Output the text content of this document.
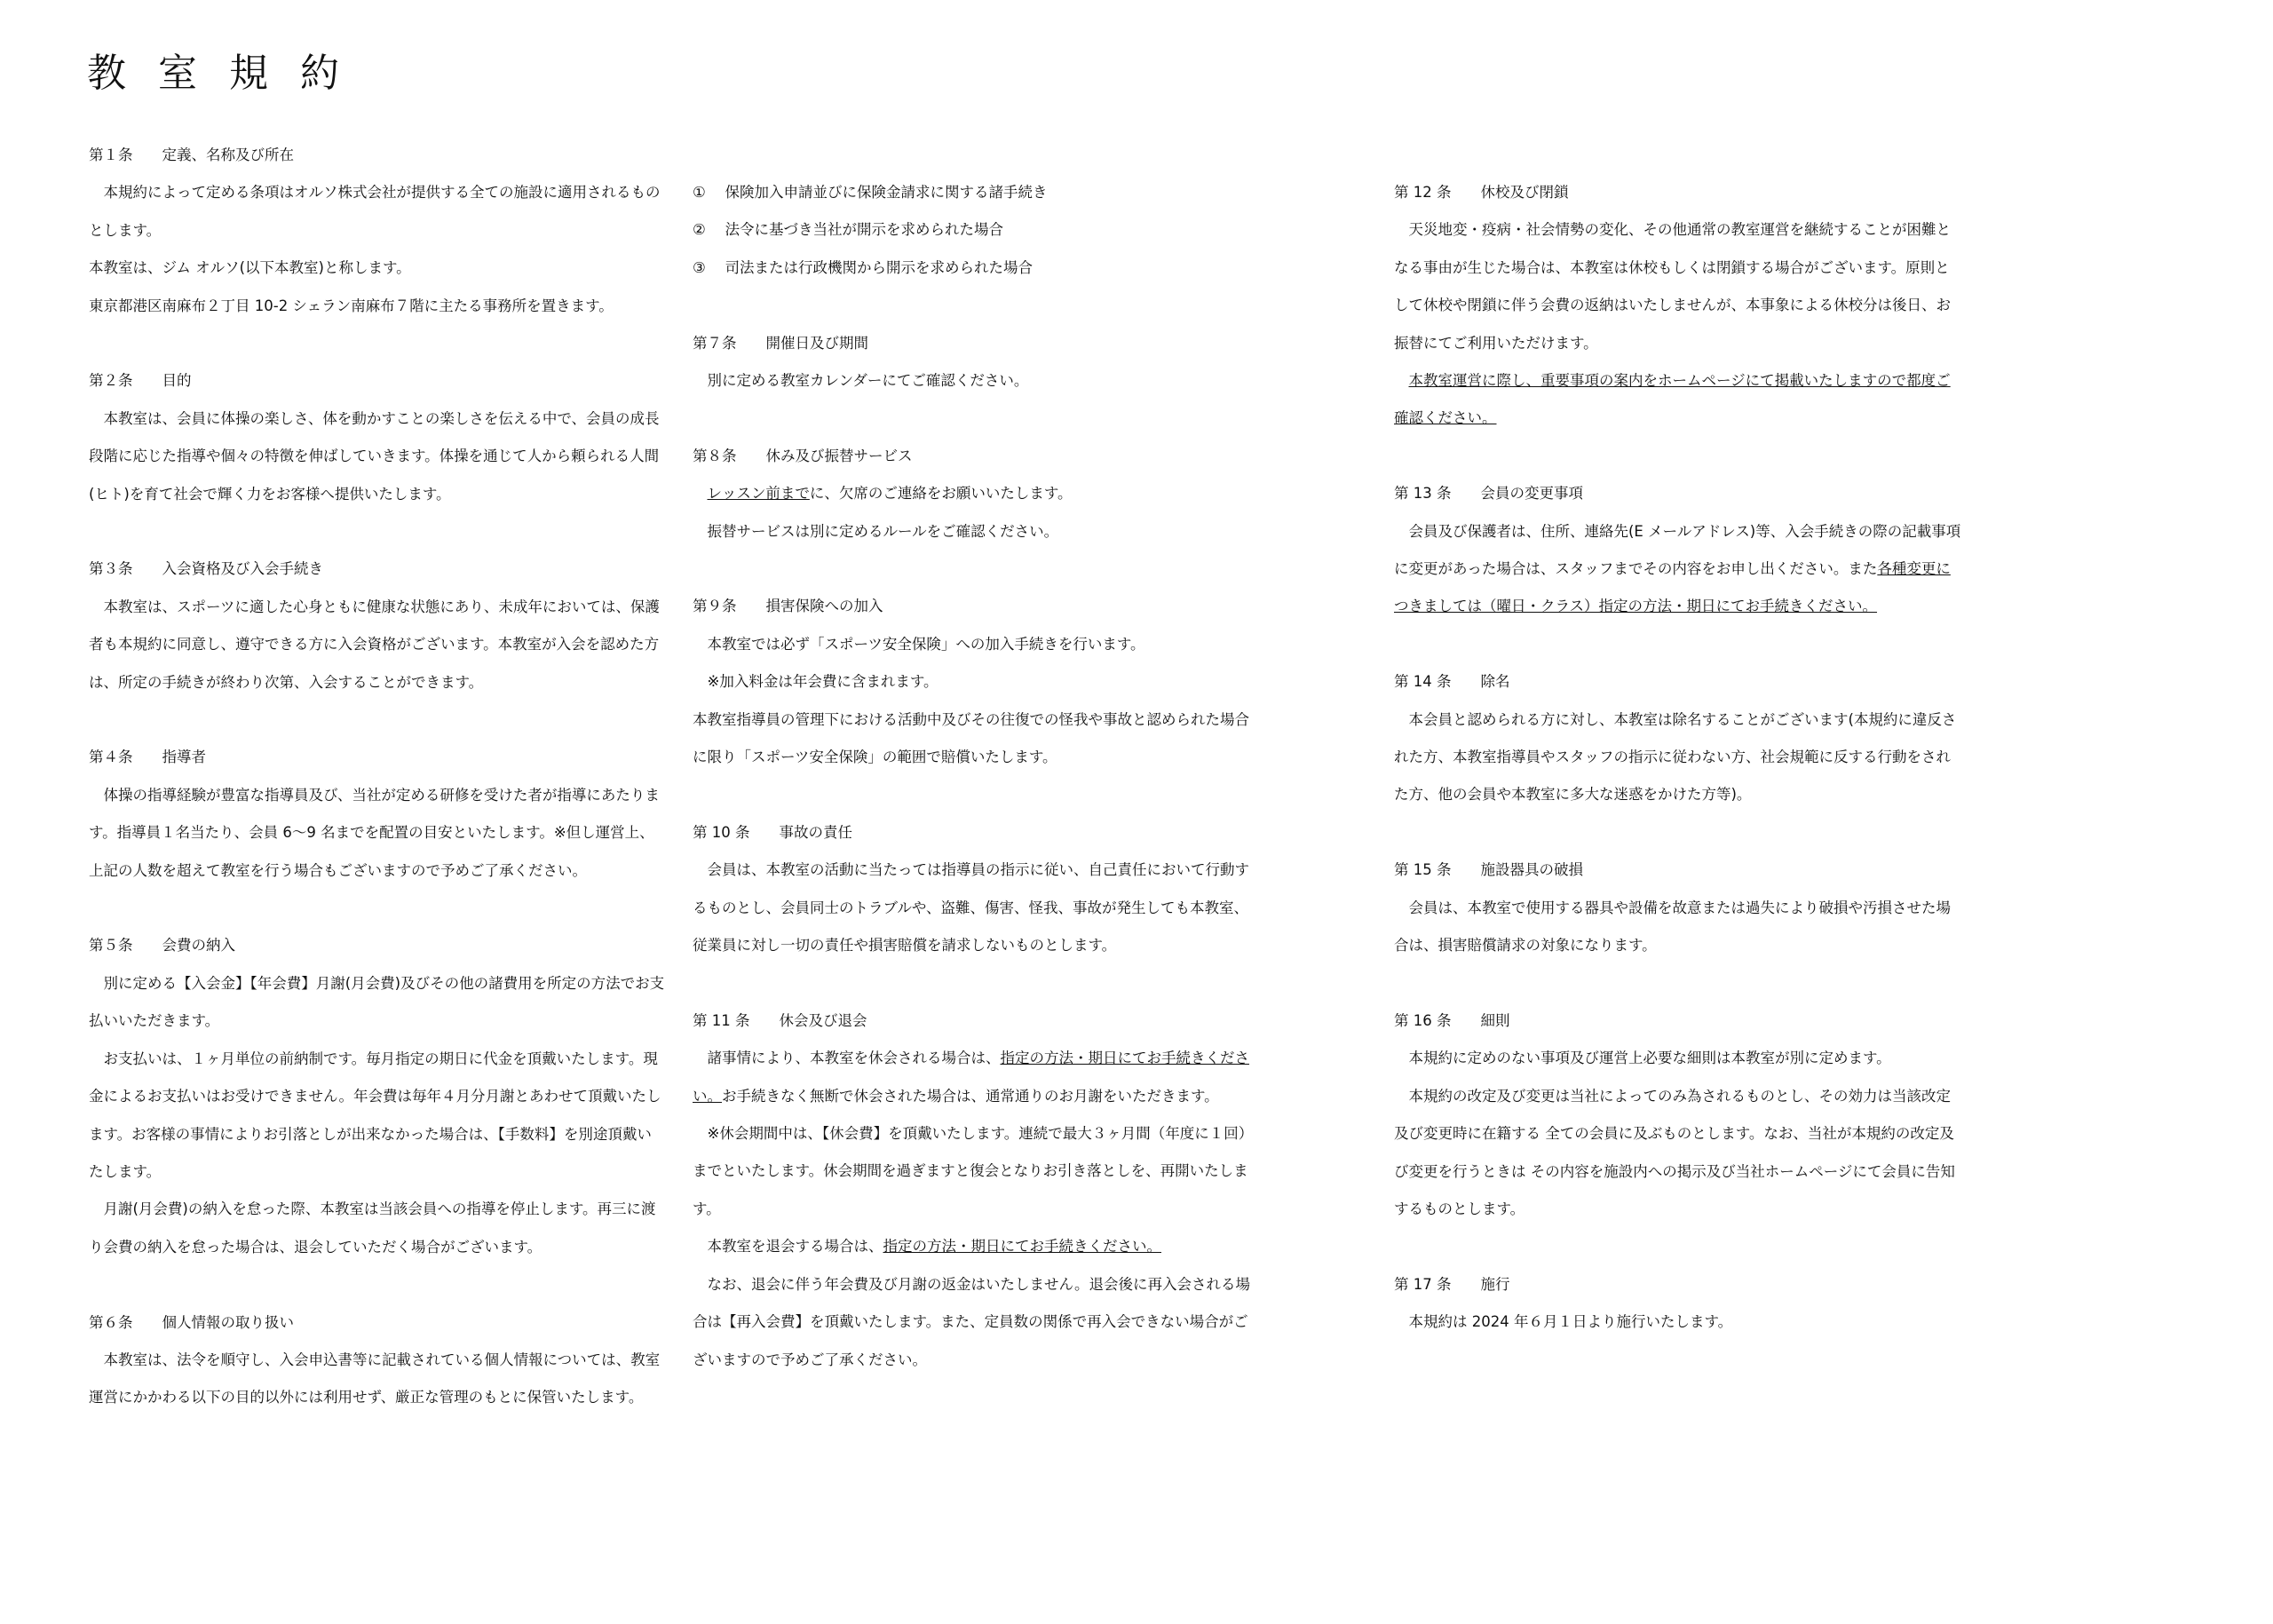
教室規約
第１条　　定義、名称及び所在

本規約によって定める条項はオルソ株式会社が提供する全ての施設に適用されるものとします。

本教室は、ジム オルソ(以下本教室)と称します。

東京都港区南麻布２丁目 10-2 シェラン南麻布７階に主たる事務所を置きます。

第２条　　目的

本教室は、会員に体操の楽しさ、体を動かすことの楽しさを伝える中で、会員の成長段階に応じた指導や個々の特徴を伸ばしていきます。体操を通じて人から頼られる人間(ヒト)を育て社会で輝く力をお客様へ提供いたします。

第３条　　入会資格及び入会手続き

本教室は、スポーツに適した心身ともに健康な状態にあり、未成年においては、保護者も本規約に同意し、遵守できる方に入会資格がございます。本教室が入会を認めた方は、所定の手続きが終わり次第、入会することができます。

第４条　　指導者

体操の指導経験が豊富な指導員及び、当社が定める研修を受けた者が指導にあたります。指導員１名当たり、会員 6～9 名までを配置の目安といたします。※但し運営上、上記の人数を超えて教室を行う場合もございますので予めご了承ください。

第５条　　会費の納入

別に定める【入会金】【年会費】月謝(月会費)及びその他の諸費用を所定の方法でお支払いいただきます。

お支払いは、１ヶ月単位の前納制です。毎月指定の期日に代金を頂戴いたします。現金によるお支払いはお受けできません。年会費は毎年４月分月謝とあわせて頂戴いたします。お客様の事情によりお引落としが出来なかった場合は、【手数料】を別途頂戴いたします。

月謝(月会費)の納入を怠った際、本教室は当該会員への指導を停止します。再三に渡り会費の納入を怠った場合は、退会していただく場合がございます。

第６条　　個人情報の取り扱い

本教室は、法令を順守し、入会申込書等に記載されている個人情報については、教室運営にかかわる以下の目的以外には利用せず、厳正な管理のもとに保管いたします。

①　 保険加入申請並びに保険金請求に関する諸手続き

②　 法令に基づき当社が開示を求められた場合

③　 司法または行政機関から開示を求められた場合

第７条　　開催日及び期間

別に定める教室カレンダーにてご確認ください。

第８条　　休み及び振替サービス

レッスン前までに、欠席のご連絡をお願いいたします。

振替サービスは別に定めるルールをご確認ください。

第９条　　損害保険への加入

本教室では必ず「スポーツ安全保険」への加入手続きを行います。

※加入料金は年会費に含まれます。

本教室指導員の管理下における活動中及びその往復での怪我や事故と認められた場合に限り「スポーツ安全保険」の範囲で賠償いたします。

第 10 条　　事故の責任

会員は、本教室の活動に当たっては指導員の指示に従い、自己責任において行動するものとし、会員同士のトラブルや、盗難、傷害、怪我、事故が発生しても本教室、従業員に対し一切の責任や損害賠償を請求しないものとします。

第 11 条　　休会及び退会

諸事情により、本教室を休会される場合は、指定の方法・期日にてお手続きください。お手続きなく無断で休会された場合は、通常通りのお月謝をいただきます。

※休会期間中は、【休会費】を頂戴いたします。連続で最大３ヶ月間（年度に１回）までといたします。休会期間を過ぎますと復会となりお引き落としを、再開いたします。

本教室を退会する場合は、指定の方法・期日にてお手続きください。

なお、退会に伴う年会費及び月謝の返金はいたしません。退会後に再入会される場合は【再入会費】を頂戴いたします。また、定員数の関係で再入会できない場合がございますので予めご了承ください。

第 12 条　　休校及び閉鎖

天災地変・疫病・社会情勢の変化、その他通常の教室運営を継続することが困難となる事由が生じた場合は、本教室は休校もしくは閉鎖する場合がございます。原則として休校や閉鎖に伴う会費の返納はいたしませんが、本事象による休校分は後日、お振替にてご利用いただけます。

本教室運営に際し、重要事項の案内をホームページにて掲載いたしますので都度ご確認ください。

第 13 条　　会員の変更事項

会員及び保護者は、住所、連絡先(E メールアドレス)等、入会手続きの際の記載事項に変更があった場合は、スタッフまでその内容をお申し出ください。また各種変更につきましては（曜日・クラス）指定の方法・期日にてお手続きください。

第 14 条　　除名

本会員と認められる方に対し、本教室は除名することがございます(本規約に違反された方、本教室指導員やスタッフの指示に従わない方、社会規範に反する行動をされた方、他の会員や本教室に多大な迷惑をかけた方等)。

第 15 条　　施設器具の破損

会員は、本教室で使用する器具や設備を故意または過失により破損や汚損させた場合は、損害賠償請求の対象になります。

第 16 条　　細則

本規約に定めのない事項及び運営上必要な細則は本教室が別に定めます。

本規約の改定及び変更は当社によってのみ為されるものとし、その効力は当該改定及び変更時に在籍する 全ての会員に及ぶものとします。なお、当社が本規約の改定及び変更を行うときは その内容を施設内への掲示及び当社ホームページにて会員に告知するものとします。

第 17 条　　施行

本規約は 2024 年６月１日より施行いたします。
